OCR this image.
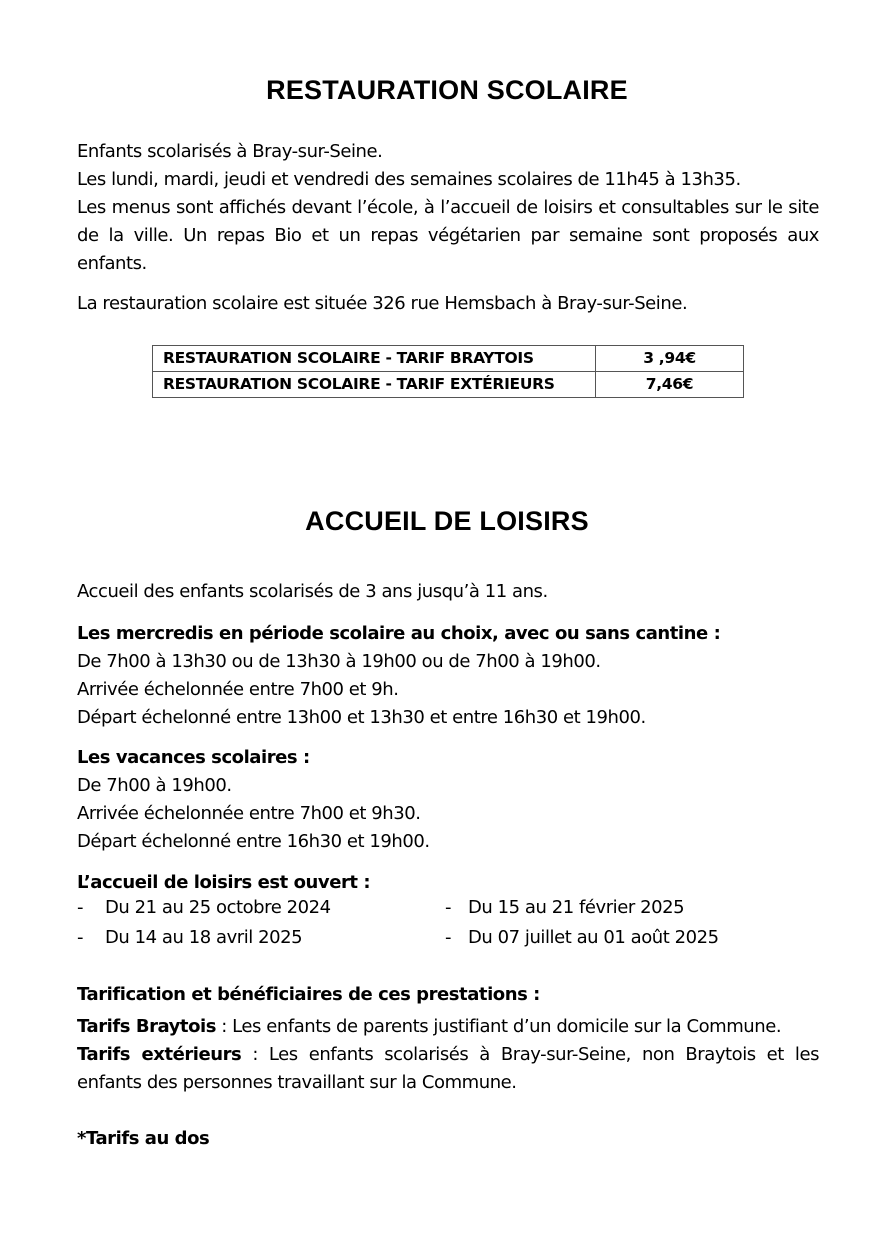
RESTAURATION SCOLAIRE
Enfants scolarisés à Bray-sur-Seine.
Les lundi, mardi, jeudi et vendredi des semaines scolaires de 11h45 à 13h35.
Les menus sont affichés devant l’école, à l’accueil de loisirs et consultables sur le site de la ville. Un repas Bio et un repas végétarien par semaine sont proposés aux enfants.
La restauration scolaire est située 326 rue Hemsbach à Bray-sur-Seine.
RESTAURATION SCOLAIRE - TARIF BRAYTOIS	3 ,94€
RESTAURATION SCOLAIRE - TARIF EXTÉRIEURS	7,46€
ACCUEIL DE LOISIRS
Accueil des enfants scolarisés de 3 ans jusqu’à 11 ans.
Les mercredis en période scolaire au choix, avec ou sans cantine :
De 7h00 à 13h30 ou de 13h30 à 19h00 ou de 7h00 à 19h00.
Arrivée échelonnée entre 7h00 et 9h.
Départ échelonné entre 13h00 et 13h30 et entre 16h30 et 19h00.
Les vacances scolaires :
De 7h00 à 19h00.
Arrivée échelonnée entre 7h00 et 9h30.
Départ échelonné entre 16h30 et 19h00.
L’accueil de loisirs est ouvert :
- Du 21 au 25 octobre 2024	- Du 15 au 21 février 2025
- Du 14 au 18 avril 2025	- Du 07 juillet au 01 août 2025
Tarification et bénéficiaires de ces prestations :
Tarifs Braytois : Les enfants de parents justifiant d’un domicile sur la Commune.
Tarifs extérieurs : Les enfants scolarisés à Bray-sur-Seine, non Braytois et les enfants des personnes travaillant sur la Commune.
*Tarifs au dos
